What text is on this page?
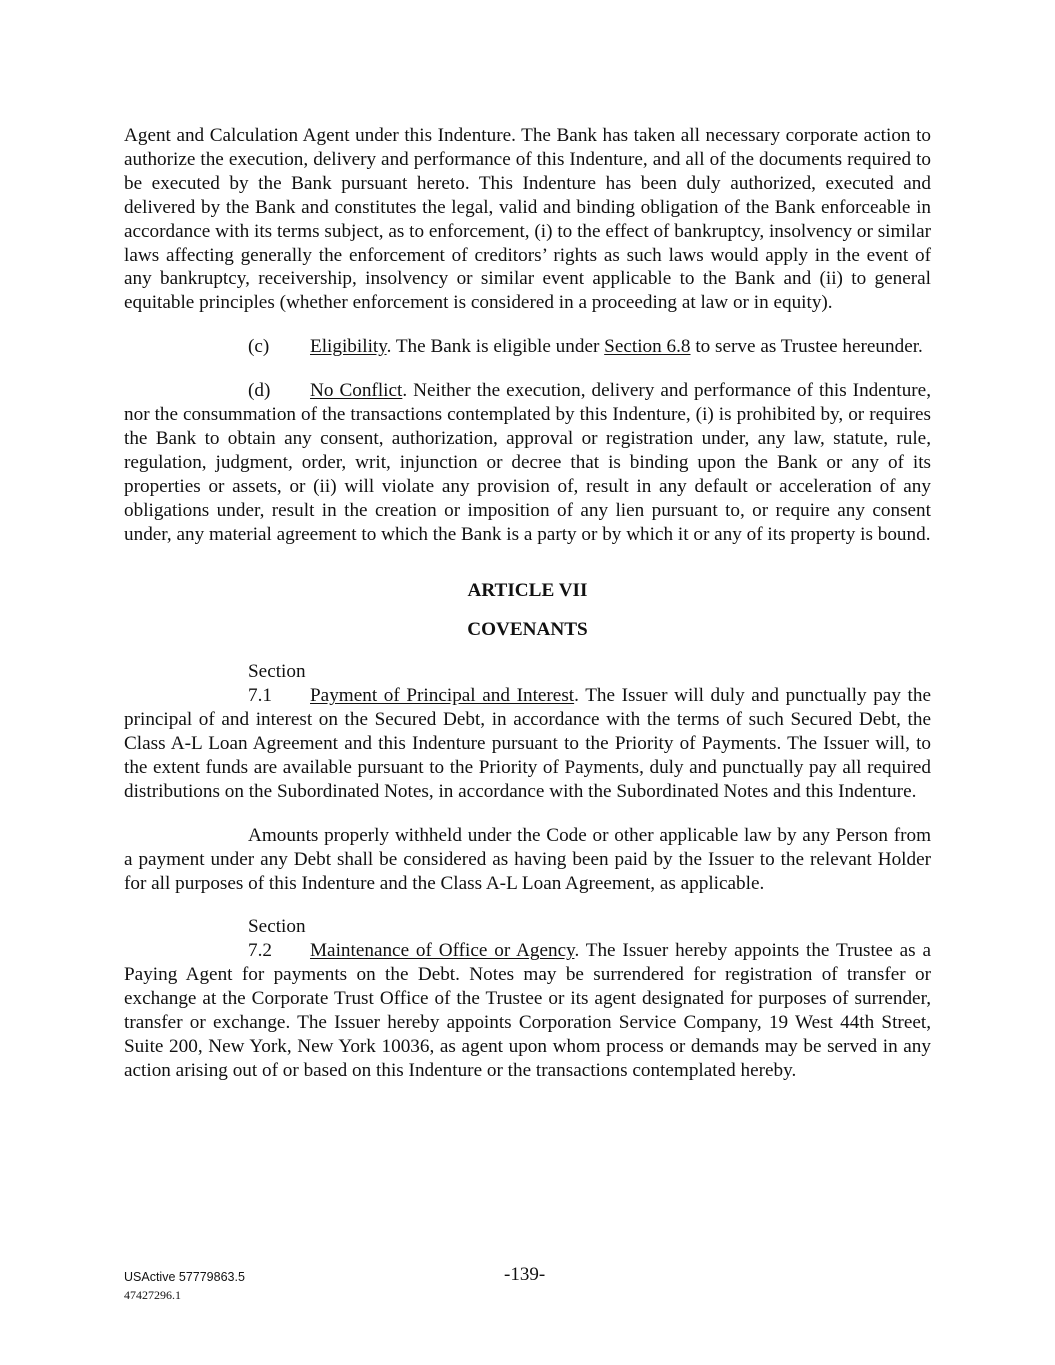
Agent and Calculation Agent under this Indenture. The Bank has taken all necessary corporate action to authorize the execution, delivery and performance of this Indenture, and all of the documents required to be executed by the Bank pursuant hereto. This Indenture has been duly authorized, executed and delivered by the Bank and constitutes the legal, valid and binding obligation of the Bank enforceable in accordance with its terms subject, as to enforcement, (i) to the effect of bankruptcy, insolvency or similar laws affecting generally the enforcement of creditors’ rights as such laws would apply in the event of any bankruptcy, receivership, insolvency or similar event applicable to the Bank and (ii) to general equitable principles (whether enforcement is considered in a proceeding at law or in equity).

(c) Eligibility. The Bank is eligible under Section 6.8 to serve as Trustee hereunder.

(d) No Conflict. Neither the execution, delivery and performance of this Indenture, nor the consummation of the transactions contemplated by this Indenture, (i) is prohibited by, or requires the Bank to obtain any consent, authorization, approval or registration under, any law, statute, rule, regulation, judgment, order, writ, injunction or decree that is binding upon the Bank or any of its properties or assets, or (ii) will violate any provision of, result in any default or acceleration of any obligations under, result in the creation or imposition of any lien pursuant to, or require any consent under, any material agreement to which the Bank is a party or by which it or any of its property is bound.

ARTICLE VII

COVENANTS

Section 7.1 Payment of Principal and Interest. The Issuer will duly and punctually pay the principal of and interest on the Secured Debt, in accordance with the terms of such Secured Debt, the Class A-L Loan Agreement and this Indenture pursuant to the Priority of Payments. The Issuer will, to the extent funds are available pursuant to the Priority of Payments, duly and punctually pay all required distributions on the Subordinated Notes, in accordance with the Subordinated Notes and this Indenture.

Amounts properly withheld under the Code or other applicable law by any Person from a payment under any Debt shall be considered as having been paid by the Issuer to the relevant Holder for all purposes of this Indenture and the Class A-L Loan Agreement, as applicable.

Section 7.2 Maintenance of Office or Agency. The Issuer hereby appoints the Trustee as a Paying Agent for payments on the Debt. Notes may be surrendered for registration of transfer or exchange at the Corporate Trust Office of the Trustee or its agent designated for purposes of surrender, transfer or exchange. The Issuer hereby appoints Corporation Service Company, 19 West 44th Street, Suite 200, New York, New York 10036, as agent upon whom process or demands may be served in any action arising out of or based on this Indenture or the transactions contemplated hereby.

USActive 57779863.5
47427296.1
-139-
